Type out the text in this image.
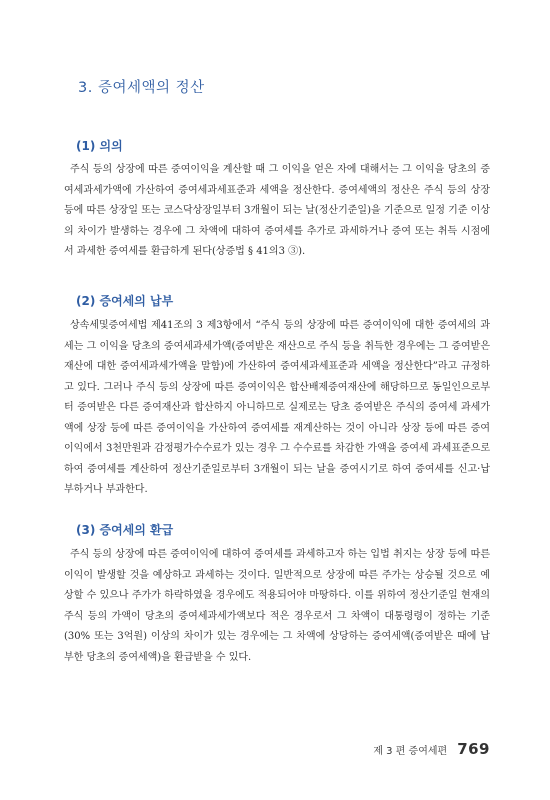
3. 증여세액의 정산
(1) 의의

주식 등의 상장에 따른 증여이익을 계산할 때 그 이익을 얻은 자에 대해서는 그 이익을 당초의 증여세과세가액에 가산하여 증여세과세표준과 세액을 정산한다. 증여세액의 정산은 주식 등의 상장 등에 따른 상장일 또는 코스닥상장일부터 3개월이 되는 날(정산기준일)을 기준으로 일정 기준 이상의 차이가 발생하는 경우에 그 차액에 대하여 증여세를 추가로 과세하거나 증여 또는 취득 시점에서 과세한 증여세를 환급하게 된다(상증법 § 41의3 ③).

(2) 증여세의 납부

상속세및증여세법 제41조의 3 제3항에서 “주식 등의 상장에 따른 증여이익에 대한 증여세의 과세는 그 이익을 당초의 증여세과세가액(증여받은 재산으로 주식 등을 취득한 경우에는 그 증여받은 재산에 대한 증여세과세가액을 말함)에 가산하여 증여세과세표준과 세액을 정산한다”라고 규정하고 있다. 그러나 주식 등의 상장에 따른 증여이익은 합산배제증여재산에 해당하므로 동일인으로부터 증여받은 다른 증여재산과 합산하지 아니하므로 실제로는 당초 증여받은 주식의 증여세 과세가액에 상장 등에 따른 증여이익을 가산하여 증여세를 재계산하는 것이 아니라 상장 등에 따른 증여이익에서 3천만원과 감정평가수수료가 있는 경우 그 수수료를 차감한 가액을 증여세 과세표준으로 하여 증여세를 계산하여 정산기준일로부터 3개월이 되는 날을 증여시기로 하여 증여세를 신고·납부하거나 부과한다.

(3) 증여세의 환급

주식 등의 상장에 따른 증여이익에 대하여 증여세를 과세하고자 하는 입법 취지는 상장 등에 따른 이익이 발생할 것을 예상하고 과세하는 것이다. 일반적으로 상장에 따른 주가는 상승될 것으로 예상할 수 있으나 주가가 하락하였을 경우에도 적용되어야 마땅하다. 이를 위하여 정산기준일 현재의 주식 등의 가액이 당초의 증여세과세가액보다 적은 경우로서 그 차액이 대통령령이 정하는 기준(30% 또는 3억원) 이상의 차이가 있는 경우에는 그 차액에 상당하는 증여세액(증여받은 때에 납부한 당초의 증여세액)을 환급받을 수 있다.

제 3 편 증여세편 769
